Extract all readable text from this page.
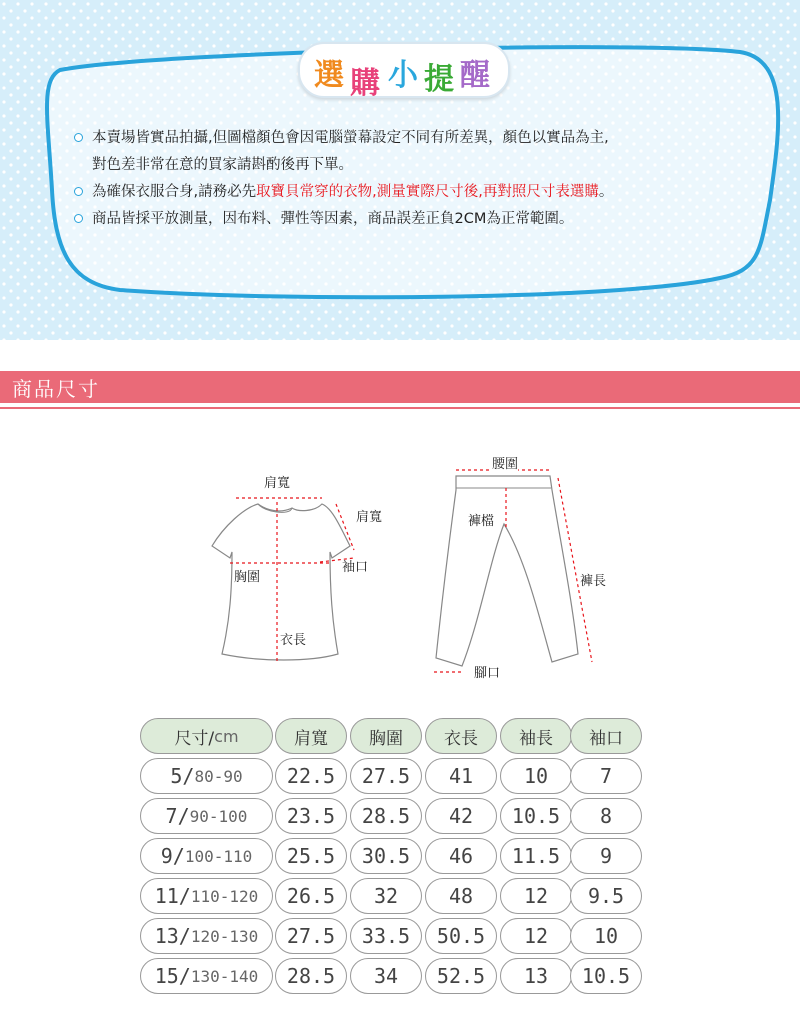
選 購 小 提 醒
本賣場皆實品拍攝,但圖檔顏色會因電腦螢幕設定不同有所差異，顏色以實品為主,
對色差非常在意的買家請斟酌後再下單。
為確保衣服合身,請務必先取寶貝常穿的衣物,測量實際尺寸後,再對照尺寸表選購。
商品皆採平放測量，因布料、彈性等因素，商品誤差正負2CM為正常範圍。
商品尺寸
肩寬
肩寬
胸圍
袖口
衣長
腰圍
褲檔
褲長
腳口
尺寸/ cm	肩寬 胸圍 衣長 袖長 袖口
5/ 80-90 22.5 27.5 41	10	7
7/ 90-100 23.5 28.5 42 10.5 8
9/ 100-110 25.5 30.5 46 11.5 9
11/ 110-120 26.5 32	48	12 9.5
13/ 120-130 27.5 33.5 50.5 12 10
15/ 130-140 28.5 34 52.5 13 10.5
